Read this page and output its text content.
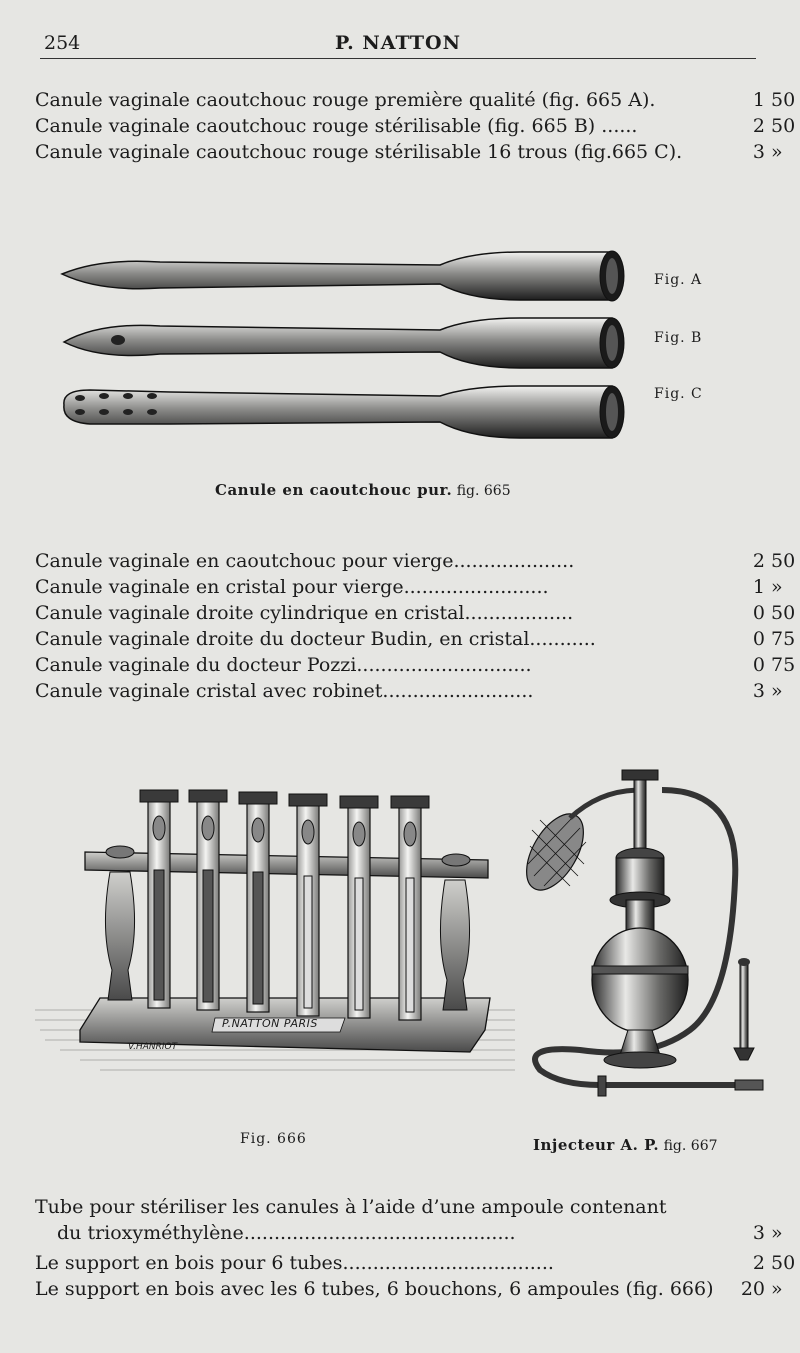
254	P. NATTON
Canule vaginale caoutchouc rouge première qualité (fig. 665 A).	1 50
Canule vaginale caoutchouc rouge stérilisable (fig. 665 B) ......	2 50
Canule vaginale caoutchouc rouge stérilisable 16 trous (fig.665 C).	3 »
Fig. A
Fig. B
Fig. C
Canule en caoutchouc pur. fig. 665
Canule vaginale en caoutchouc pour vierge....................	2 50
Canule vaginale en cristal pour vierge........................	1 »
Canule vaginale droite cylindrique en cristal..................	0 50
Canule vaginale droite du docteur Budin, en cristal...........	0 75
Canule vaginale du docteur Pozzi.............................	0 75
Canule vaginale cristal avec robinet.........................	3 »
P.NATTON PARIS
V.HANRIOT
Fig. 666	Injecteur A. P. fig. 667
Tube pour stériliser les canules à l’aide d’une ampoule contenant
du trioxyméthylène.............................................	3 »
Le support en bois pour 6 tubes...................................	2 50
Le support en bois avec les 6 tubes, 6 bouchons, 6 ampoules (fig. 666)	20 »
